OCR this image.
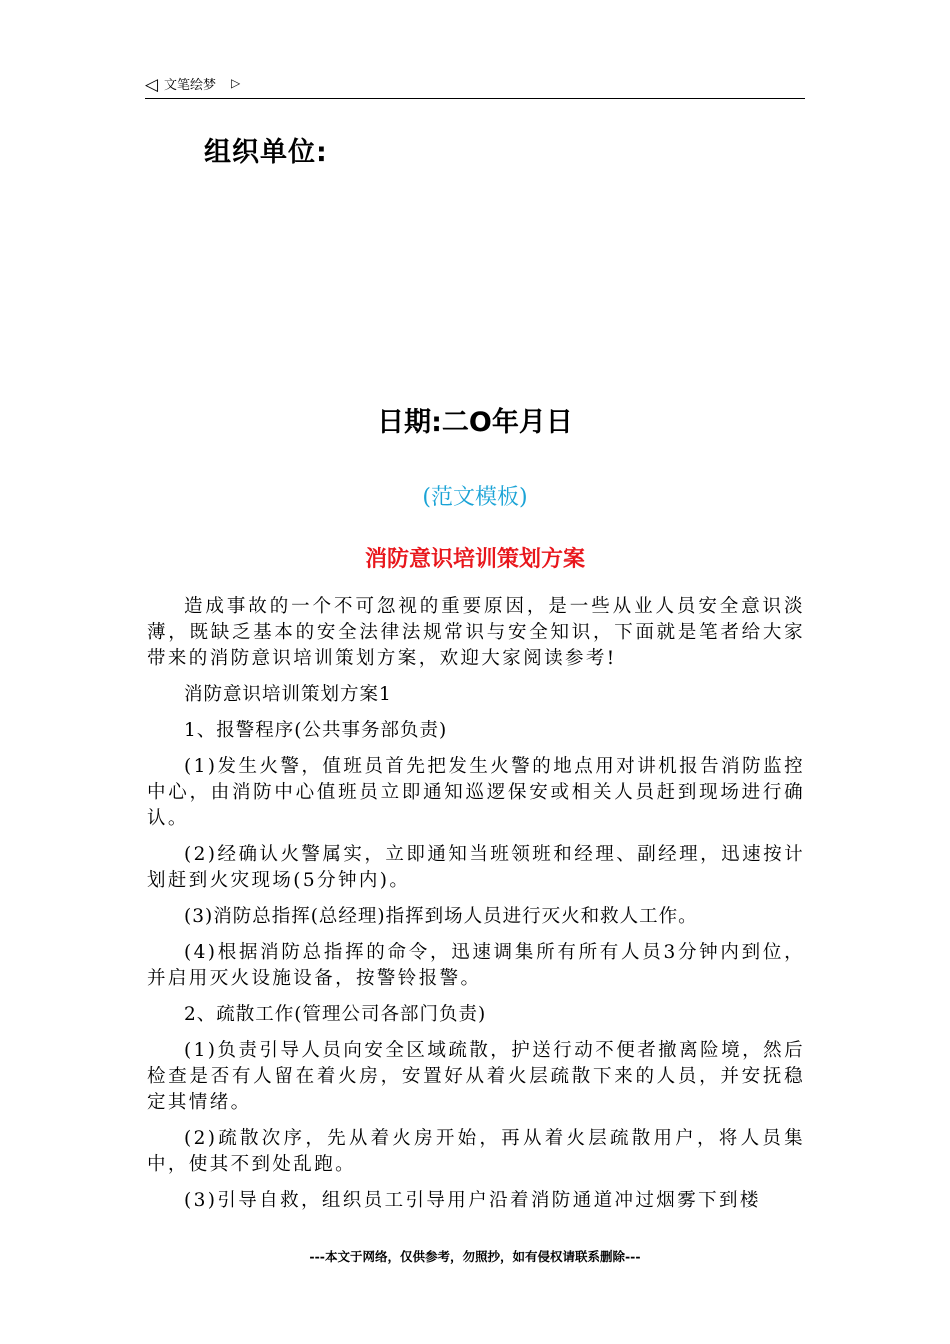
◁ 文笔绘梦 ▷
组织单位:
日期:二O年月日
(范文模板)
消防意识培训策划方案

造成事故的一个不可忽视的重要原因，是一些从业人员安全意识淡薄，既缺乏基本的安全法律法规常识与安全知识，下面就是笔者给大家带来的消防意识培训策划方案，欢迎大家阅读参考!

消防意识培训策划方案1

1、报警程序(公共事务部负责)

(1)发生火警，值班员首先把发生火警的地点用对讲机报告消防监控中心，由消防中心值班员立即通知巡逻保安或相关人员赶到现场进行确认。

(2)经确认火警属实，立即通知当班领班和经理、副经理，迅速按计划赶到火灾现场(5分钟内)。

(3)消防总指挥(总经理)指挥到场人员进行灭火和救人工作。

(4)根据消防总指挥的命令，迅速调集所有所有人员3分钟内到位，并启用灭火设施设备，按警铃报警。

2、疏散工作(管理公司各部门负责)

(1)负责引导人员向安全区域疏散，护送行动不便者撤离险境，然后检查是否有人留在着火房，安置好从着火层疏散下来的人员，并安抚稳定其情绪。

(2)疏散次序，先从着火房开始，再从着火层疏散用户，将人员集中，使其不到处乱跑。

(3)引导自救，组织员工引导用户沿着消防通道冲过烟雾下到楼

---本文于网络，仅供参考，勿照抄，如有侵权请联系删除---
